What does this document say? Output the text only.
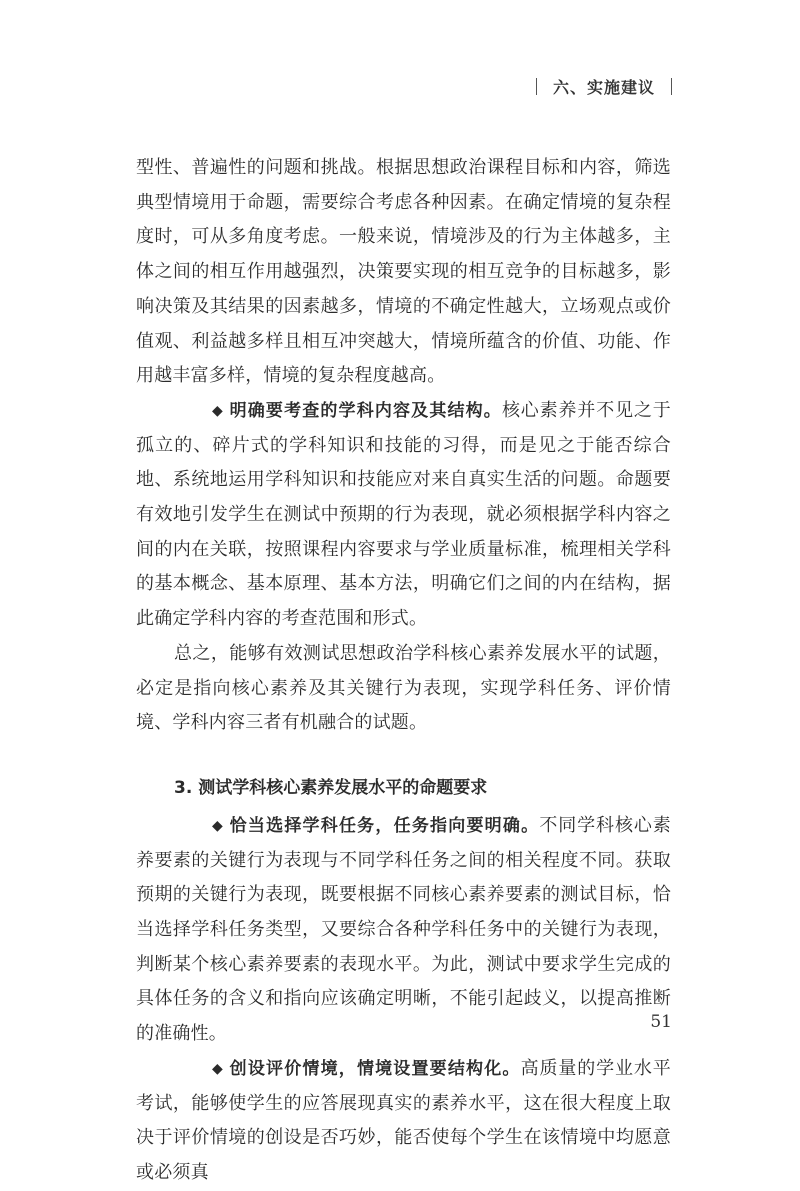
六、实施建议

型性、普遍性的问题和挑战。根据思想政治课程目标和内容，筛选典型情境用于命题，需要综合考虑各种因素。在确定情境的复杂程度时，可从多角度考虑。一般来说，情境涉及的行为主体越多，主体之间的相互作用越强烈，决策要实现的相互竞争的目标越多，影响决策及其结果的因素越多，情境的不确定性越大，立场观点或价值观、利益越多样且相互冲突越大，情境所蕴含的价值、功能、作用越丰富多样，情境的复杂程度越高。

◆ 明确要考查的学科内容及其结构。核心素养并不见之于孤立的、碎片式的学科知识和技能的习得，而是见之于能否综合地、系统地运用学科知识和技能应对来自真实生活的问题。命题要有效地引发学生在测试中预期的行为表现，就必须根据学科内容之间的内在关联，按照课程内容要求与学业质量标准，梳理相关学科的基本概念、基本原理、基本方法，明确它们之间的内在结构，据此确定学科内容的考查范围和形式。

总之，能够有效测试思想政治学科核心素养发展水平的试题，必定是指向核心素养及其关键行为表现，实现学科任务、评价情境、学科内容三者有机融合的试题。

3. 测试学科核心素养发展水平的命题要求

◆ 恰当选择学科任务，任务指向要明确。不同学科核心素养要素的关键行为表现与不同学科任务之间的相关程度不同。获取预期的关键行为表现，既要根据不同核心素养要素的测试目标，恰当选择学科任务类型，又要综合各种学科任务中的关键行为表现，判断某个核心素养要素的表现水平。为此，测试中要求学生完成的具体任务的含义和指向应该确定明晰，不能引起歧义，以提高推断的准确性。

◆ 创设评价情境，情境设置要结构化。高质量的学业水平考试，能够使学生的应答展现真实的素养水平，这在很大程度上取决于评价情境的创设是否巧妙，能否使每个学生在该情境中均愿意或必须真

51
